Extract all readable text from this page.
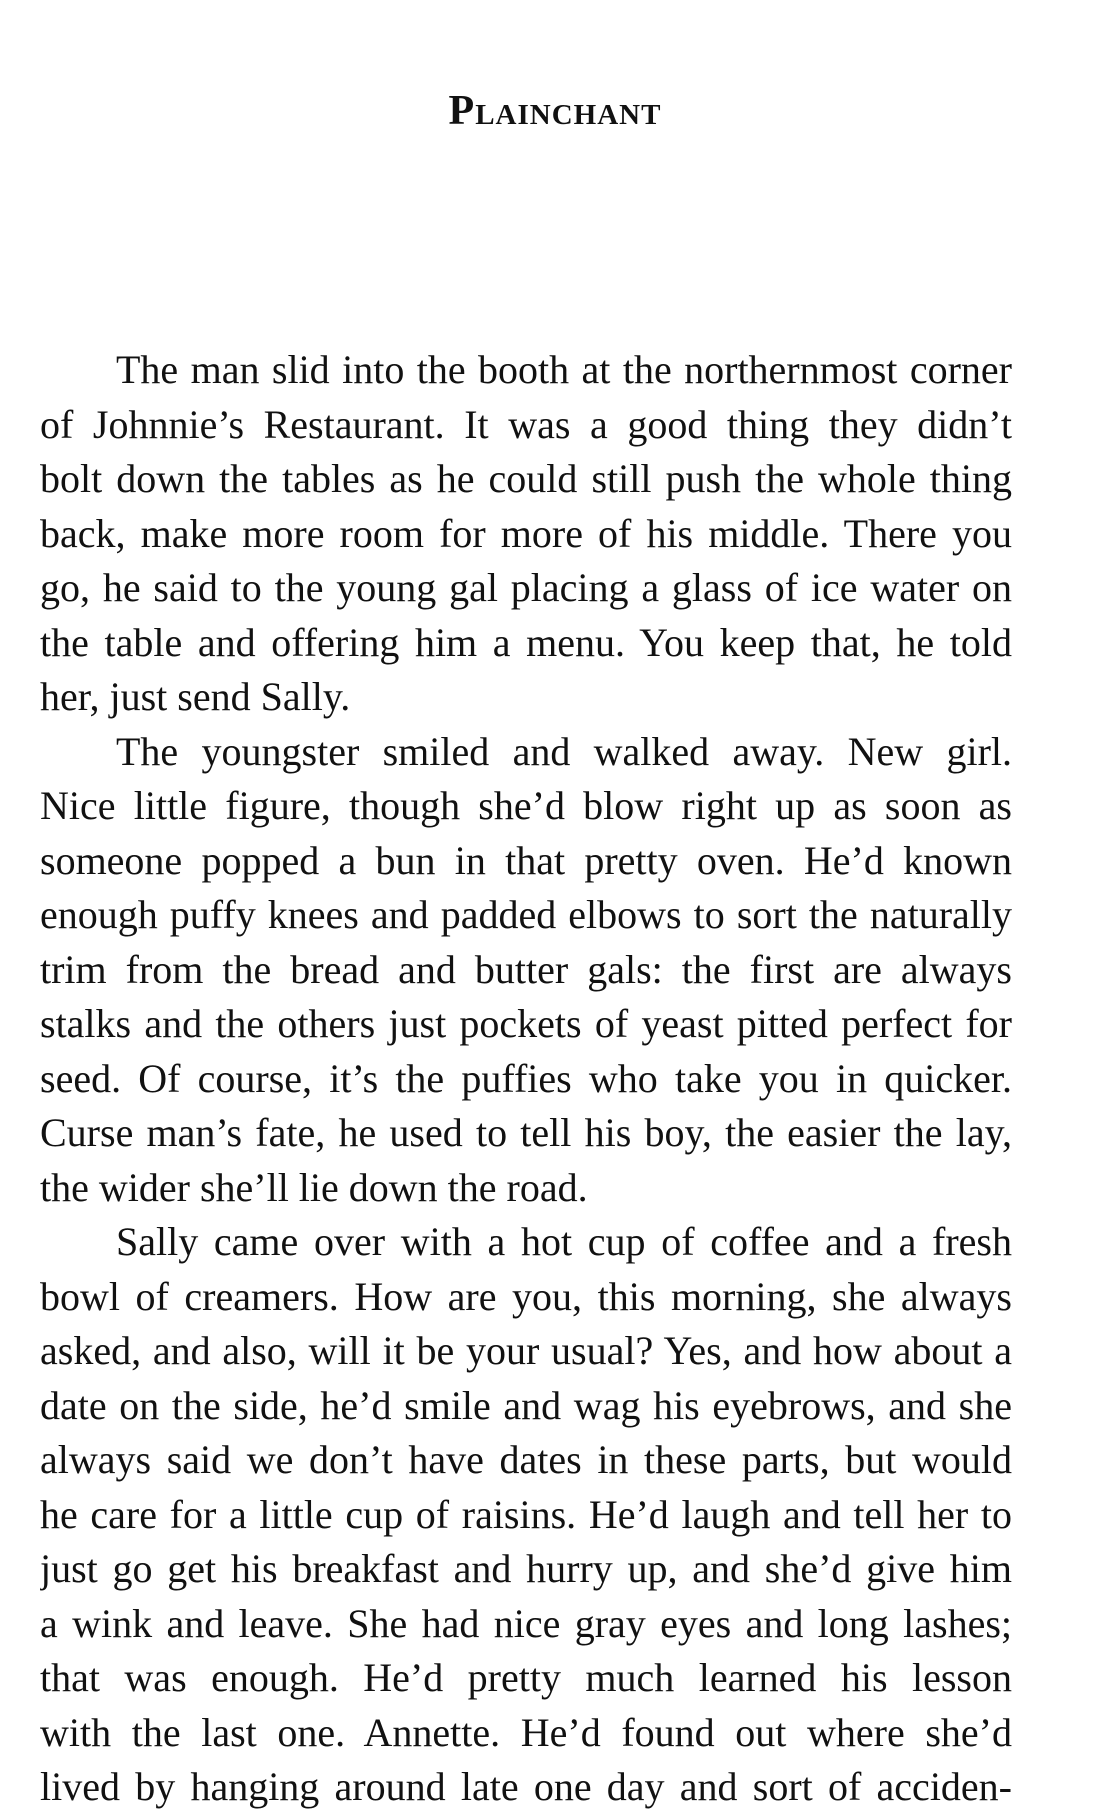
Plainchant
The man slid into the booth at the northernmost corner
of Johnnie’s Restaurant. It was a good thing they didn’t
bolt down the tables as he could still push the whole thing
back, make more room for more of his middle. There you
go, he said to the young gal placing a glass of ice water on
the table and offering him a menu. You keep that, he told
her, just send Sally.
The youngster smiled and walked away. New girl.
Nice little figure, though she’d blow right up as soon as
someone popped a bun in that pretty oven. He’d known
enough puffy knees and padded elbows to sort the naturally
trim from the bread and butter gals: the first are always
stalks and the others just pockets of yeast pitted perfect for
seed. Of course, it’s the puffies who take you in quicker.
Curse man’s fate, he used to tell his boy, the easier the lay,
the wider she’ll lie down the road.
Sally came over with a hot cup of coffee and a fresh
bowl of creamers. How are you, this morning, she always
asked, and also, will it be your usual? Yes, and how about a
date on the side, he’d smile and wag his eyebrows, and she
always said we don’t have dates in these parts, but would
he care for a little cup of raisins. He’d laugh and tell her to
just go get his breakfast and hurry up, and she’d give him
a wink and leave. She had nice gray eyes and long lashes;
that was enough. He’d pretty much learned his lesson
with the last one. Annette. He’d found out where she’d
lived by hanging around late one day and sort of acciden-
